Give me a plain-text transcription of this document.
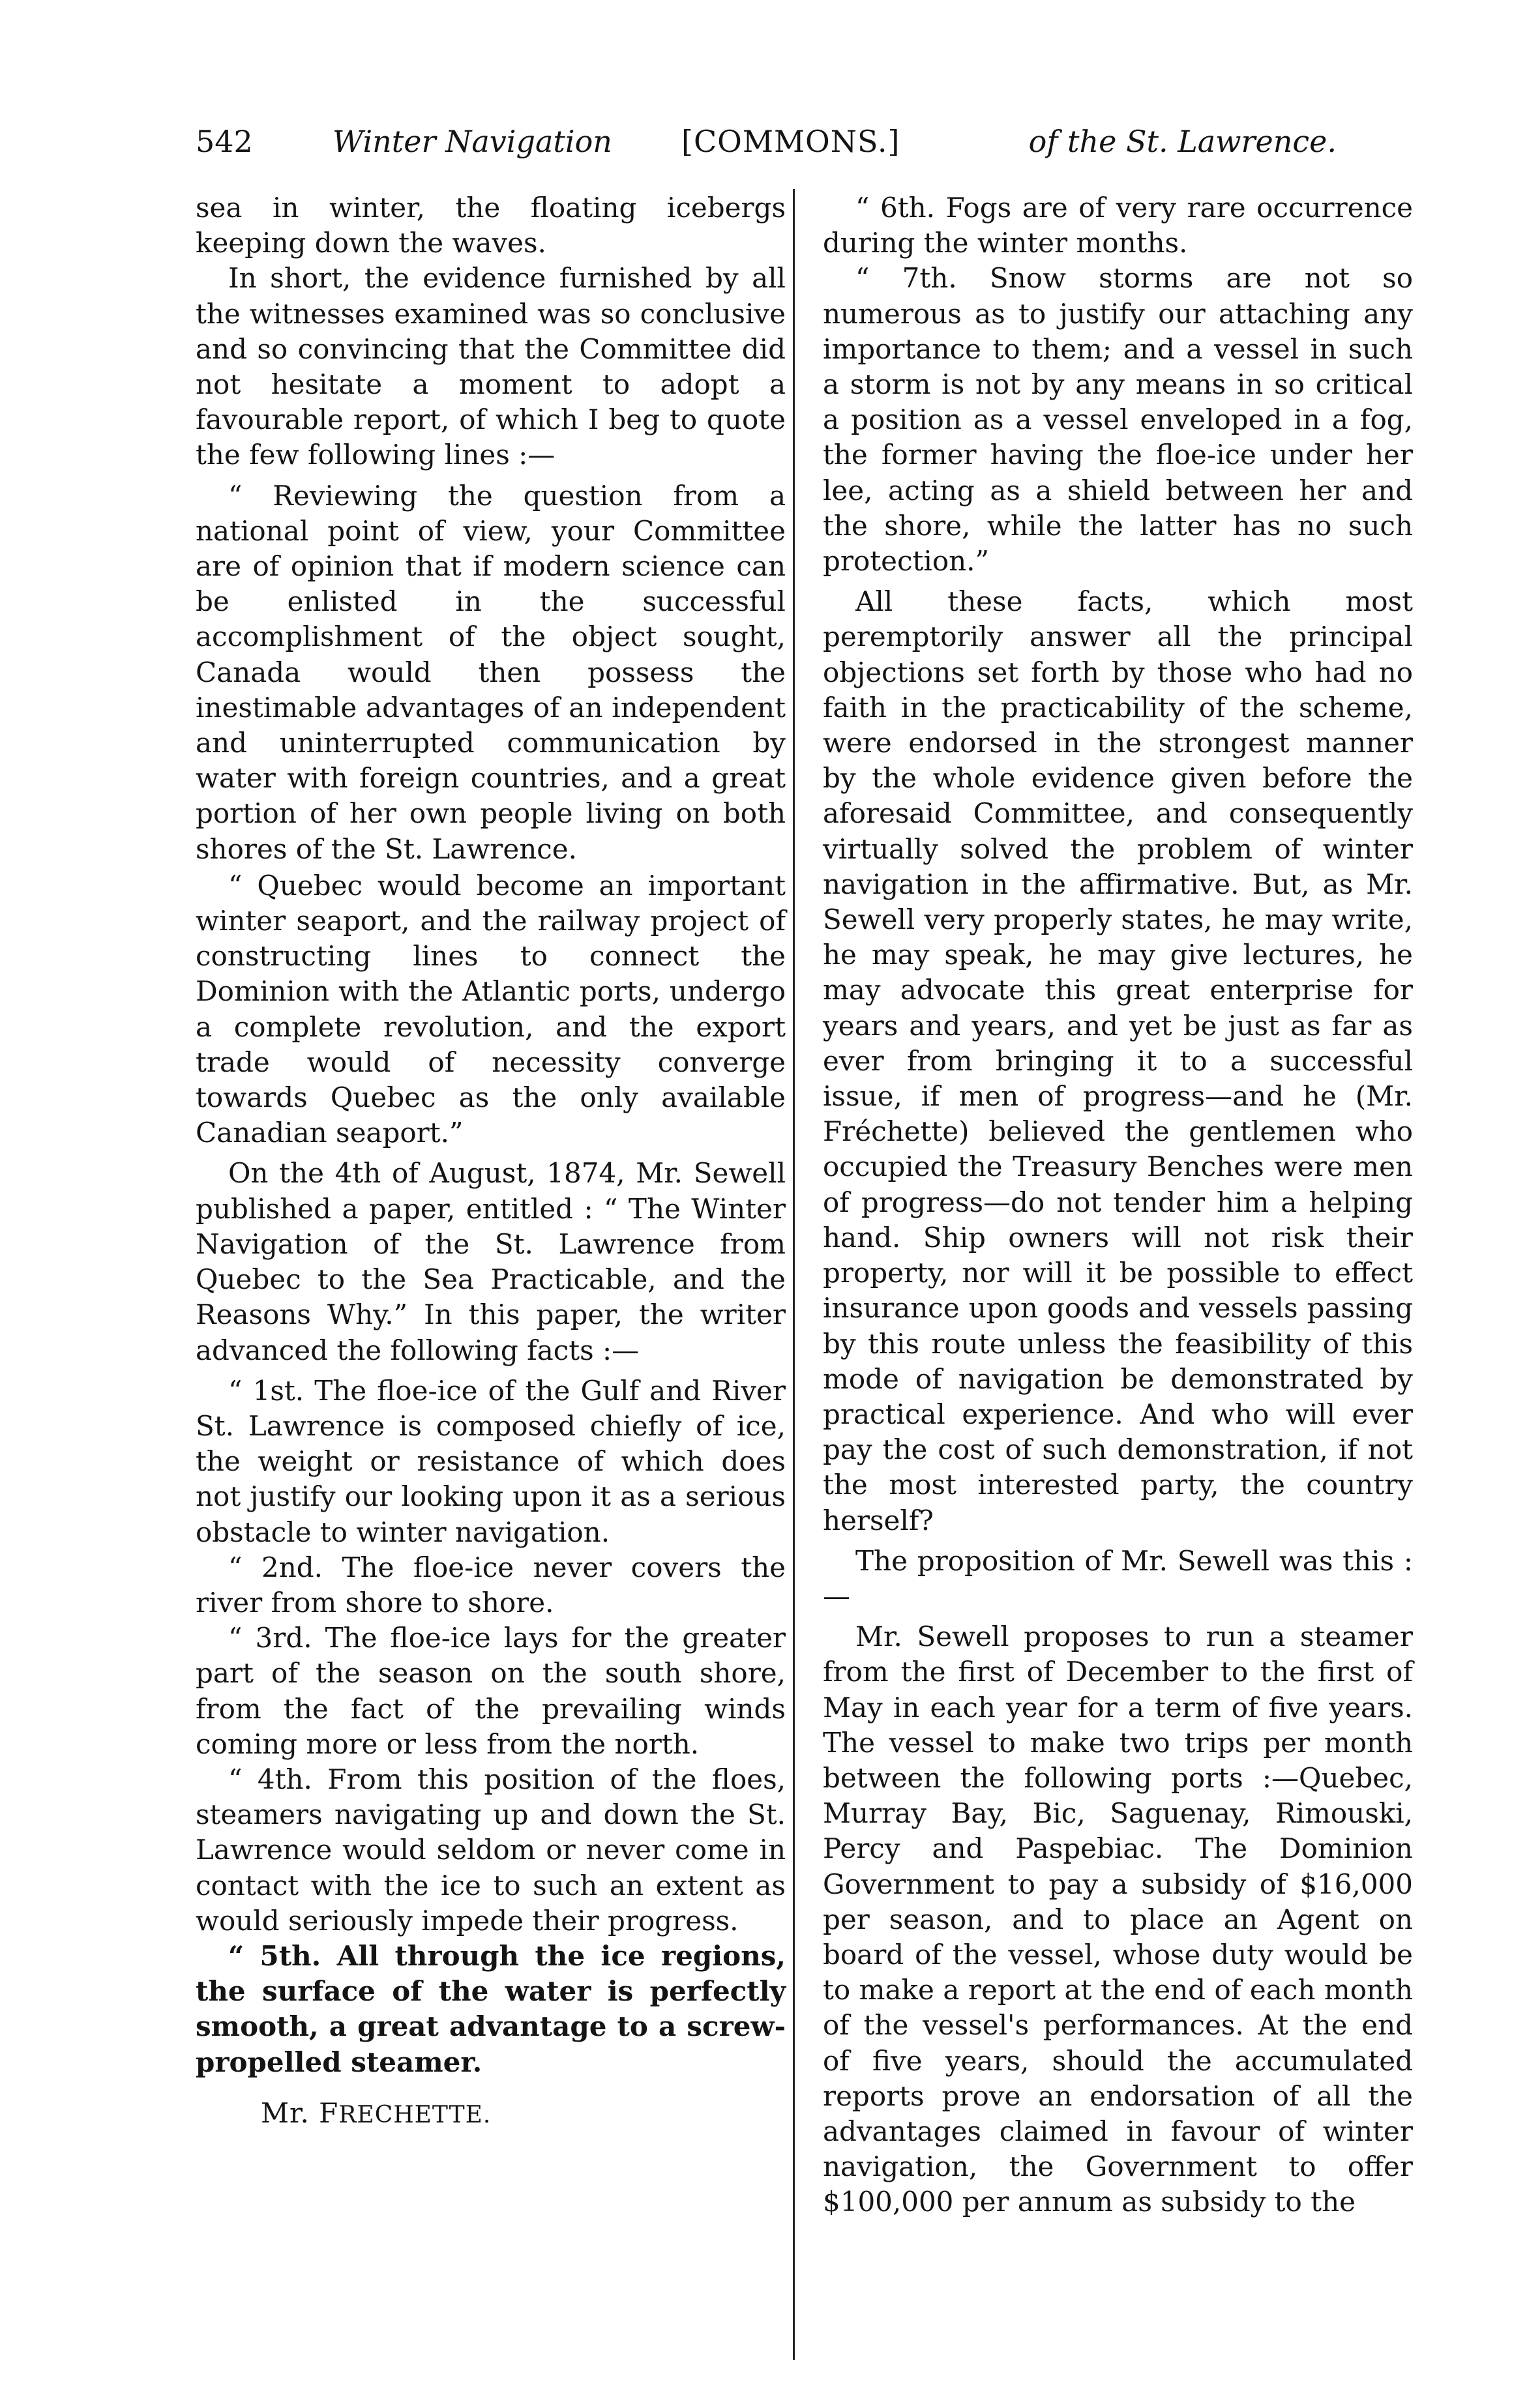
542	Winter Navigation [COMMONS.]	of the St. Lawrence.

sea in winter, the floating icebergs keeping down the waves.

In short, the evidence furnished by all the witnesses examined was so conclusive and so convincing that the Committee did not hesitate a moment to adopt a favourable report, of which I beg to quote the few following lines :—

“ Reviewing the question from a national point of view, your Committee are of opinion that if modern science can be enlisted in the successful accomplishment of the object sought, Canada would then possess the inestimable advantages of an independent and uninterrupted communication by water with foreign countries, and a great portion of her own people living on both shores of the St. Lawrence.

“ Quebec would become an important winter seaport, and the railway project of constructing lines to connect the Dominion with the Atlantic ports, undergo a complete revolution, and the export trade would of necessity converge towards Quebec as the only available Canadian seaport.”

On the 4th of August, 1874, Mr. Sewell published a paper, entitled : “ The Winter Navigation of the St. Lawrence from Quebec to the Sea Practicable, and the Reasons Why.” In this paper, the writer advanced the following facts :—

“ 1st. The floe-ice of the Gulf and River St. Lawrence is composed chiefly of ice, the weight or resistance of which does not justify our looking upon it as a serious obstacle to winter navigation.

“ 2nd. The floe-ice never covers the river from shore to shore.

“ 3rd. The floe-ice lays for the greater part of the season on the south shore, from the fact of the prevailing winds coming more or less from the north.

“ 4th. From this position of the floes, steamers navigating up and down the St. Lawrence would seldom or never come in contact with the ice to such an extent as would seriously impede their progress.

“ 5th. All through the ice regions, the surface of the water is perfectly smooth, a great advantage to a screw-propelled steamer.

Mr. FRECHETTE.

“ 6th. Fogs are of very rare occurrence during the winter months.

“ 7th. Snow storms are not so numerous as to justify our attaching any importance to them; and a vessel in such a storm is not by any means in so critical a position as a vessel enveloped in a fog, the former having the floe-ice under her lee, acting as a shield between her and the shore, while the latter has no such protection.”

All these facts, which most peremptorily answer all the principal objections set forth by those who had no faith in the practicability of the scheme, were endorsed in the strongest manner by the whole evidence given before the aforesaid Committee, and consequently virtually solved the problem of winter navigation in the affirmative. But, as Mr. Sewell very properly states, he may write, he may speak, he may give lectures, he may advocate this great enterprise for years and years, and yet be just as far as ever from bringing it to a successful issue, if men of progress—and he (Mr. Fréchette) believed the gentlemen who occupied the Treasury Benches were men of progress—do not tender him a helping hand. Ship owners will not risk their property, nor will it be possible to effect insurance upon goods and vessels passing by this route unless the feasibility of this mode of navigation be demonstrated by practical experience. And who will ever pay the cost of such demonstration, if not the most interested party, the country herself?

The proposition of Mr. Sewell was this :—

Mr. Sewell proposes to run a steamer from the first of December to the first of May in each year for a term of five years. The vessel to make two trips per month between the following ports :—Quebec, Murray Bay, Bic, Saguenay, Rimouski, Percy and Paspebiac. The Dominion Government to pay a subsidy of $16,000 per season, and to place an Agent on board of the vessel, whose duty would be to make a report at the end of each month of the vessel's performances. At the end of five years, should the accumulated reports prove an endorsation of all the advantages claimed in favour of winter navigation, the Government to offer $100,000 per annum as subsidy to the
